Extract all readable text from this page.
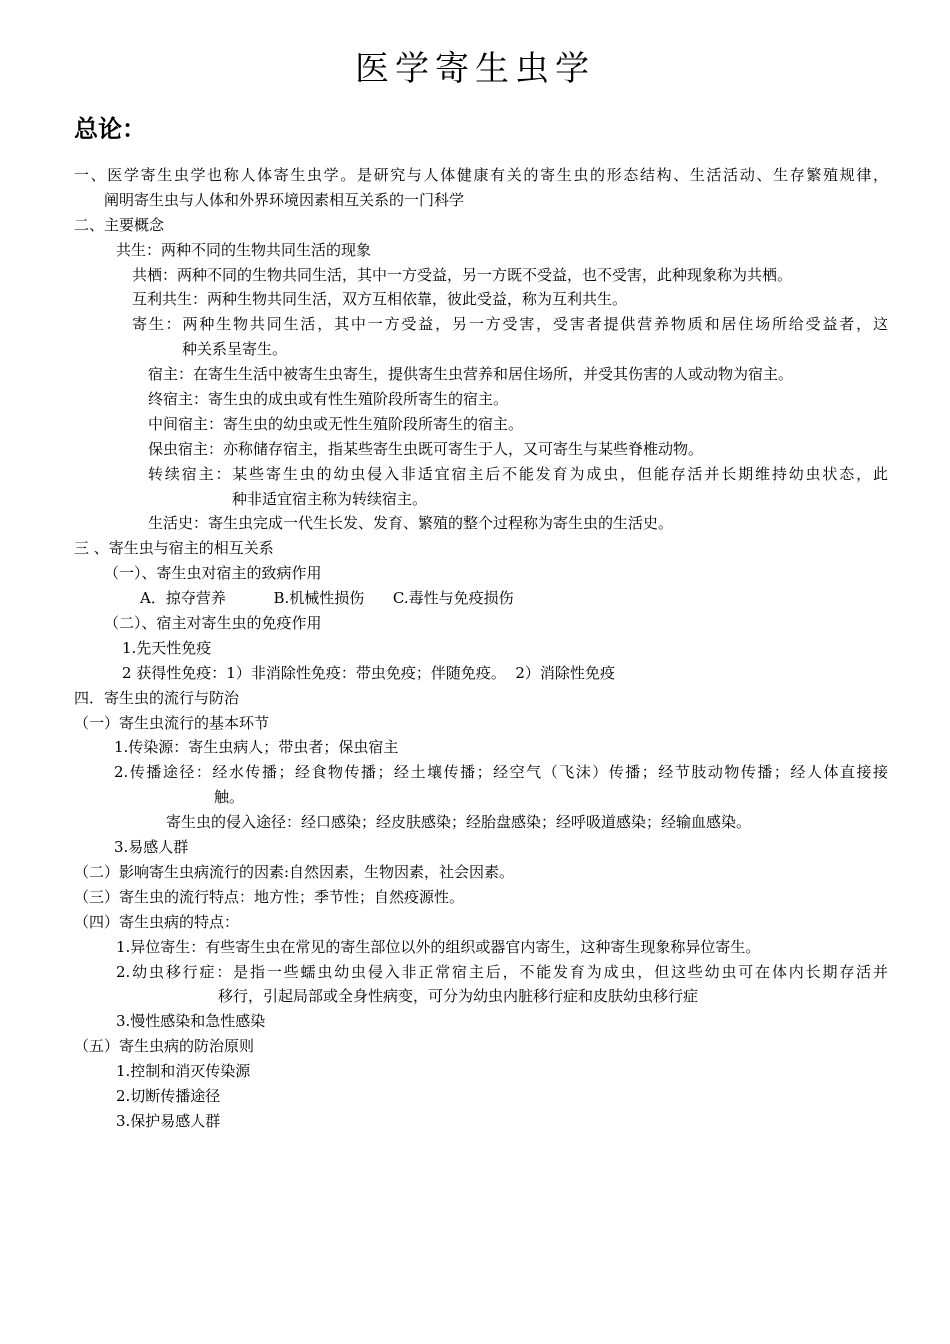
医学寄生虫学
总论：
一、医学寄生虫学也称人体寄生虫学。是研究与人体健康有关的寄生虫的形态结构、生活活动、生存繁殖规律，
阐明寄生虫与人体和外界环境因素相互关系的一门科学
二、主要概念
共生：两种不同的生物共同生活的现象
共栖：两种不同的生物共同生活，其中一方受益，另一方既不受益，也不受害，此种现象称为共栖。
互利共生：两种生物共同生活，双方互相依靠，彼此受益，称为互利共生。
寄生：两种生物共同生活，其中一方受益，另一方受害，受害者提供营养物质和居住场所给受益者，这
种关系呈寄生。
宿主：在寄生生活中被寄生虫寄生，提供寄生虫营养和居住场所，并受其伤害的人或动物为宿主。
终宿主：寄生虫的成虫或有性生殖阶段所寄生的宿主。
中间宿主：寄生虫的幼虫或无性生殖阶段所寄生的宿主。
保虫宿主：亦称储存宿主，指某些寄生虫既可寄生于人，又可寄生与某些脊椎动物。
转续宿主：某些寄生虫的幼虫侵入非适宜宿主后不能发育为成虫，但能存活并长期维持幼虫状态，此
种非适宜宿主称为转续宿主。
生活史：寄生虫完成一代生长发、发育、繁殖的整个过程称为寄生虫的生活史。
三 、寄生虫与宿主的相互关系
（一）、寄生虫对宿主的致病作用
A．掠夺营养          B.机械性损伤      C.毒性与免疫损伤
（二）、宿主对寄生虫的免疫作用
1.先天性免疫
2 获得性免疫：1）非消除性免疫：带虫免疫；伴随免疫。  2）消除性免疫
四．寄生虫的流行与防治
（一）寄生虫流行的基本环节
1.传染源：寄生虫病人；带虫者；保虫宿主
2.传播途径：经水传播；经食物传播；经土壤传播；经空气（飞沫）传播；经节肢动物传播；经人体直接接
触。
寄生虫的侵入途径：经口感染；经皮肤感染；经胎盘感染；经呼吸道感染；经输血感染。
3.易感人群
（二）影响寄生虫病流行的因素:自然因素，生物因素，社会因素。
（三）寄生虫的流行特点：地方性；季节性；自然疫源性。
（四）寄生虫病的特点：
1.异位寄生：有些寄生虫在常见的寄生部位以外的组织或器官内寄生，这种寄生现象称异位寄生。
2.幼虫移行症：是指一些蠕虫幼虫侵入非正常宿主后，不能发育为成虫，但这些幼虫可在体内长期存活并
移行，引起局部或全身性病变，可分为幼虫内脏移行症和皮肤幼虫移行症
3.慢性感染和急性感染
（五）寄生虫病的防治原则
1.控制和消灭传染源
2.切断传播途径
3.保护易感人群
